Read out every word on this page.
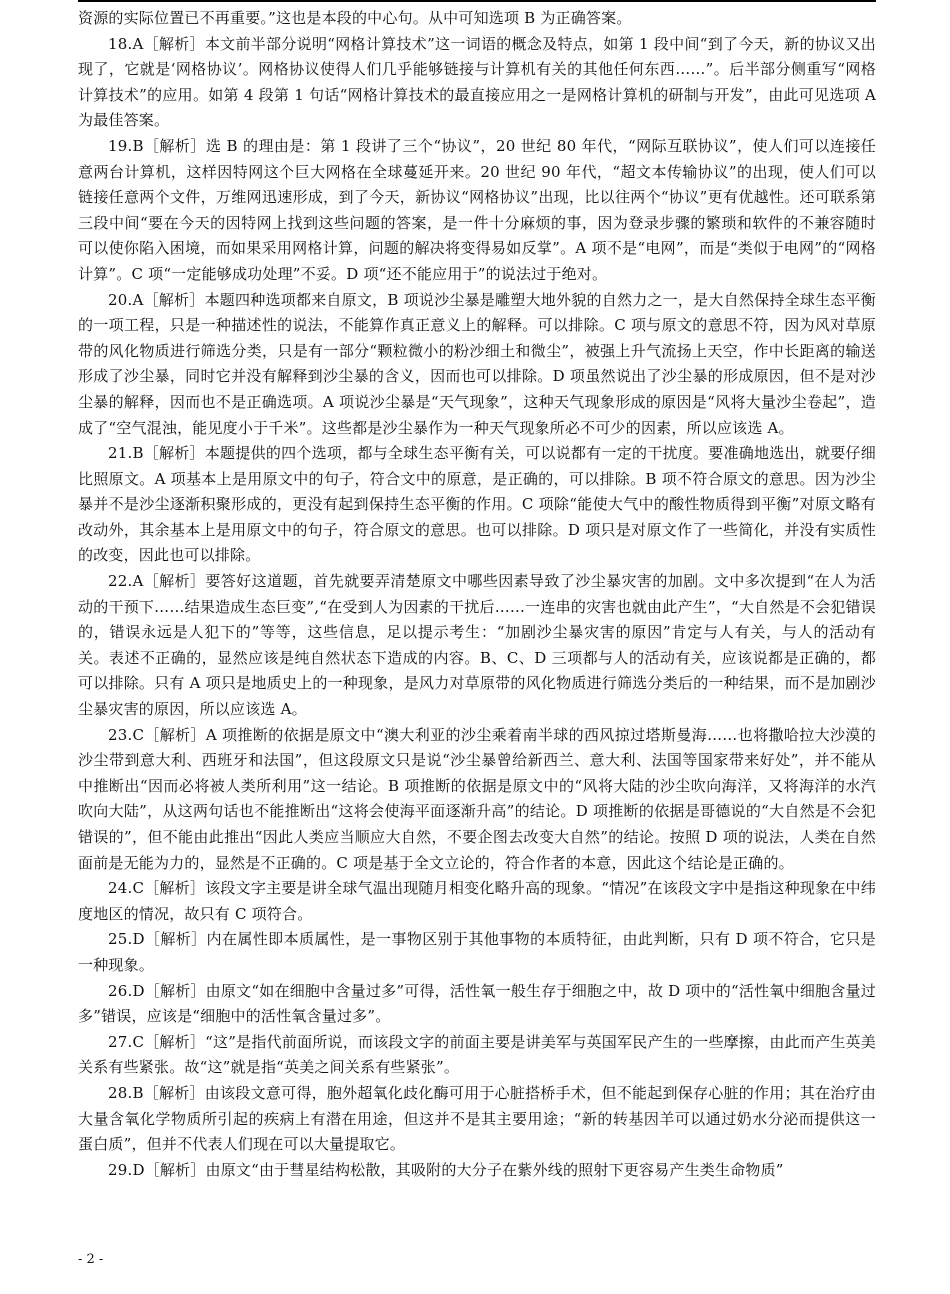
资源的实际位置已不再重要。”这也是本段的中心句。从中可知选项 B 为正确答案。

18.A［解析］本文前半部分说明“网格计算技术”这一词语的概念及特点，如第 1 段中间“到了今天，新的协议又出现了，它就是‘网格协议’。网格协议使得人们几乎能够链接与计算机有关的其他任何东西……”。后半部分侧重写“网格计算技术”的应用。如第 4 段第 1 句话“网格计算技术的最直接应用之一是网格计算机的研制与开发”，由此可见选项 A 为最佳答案。

19.B［解析］选 B 的理由是：第 1 段讲了三个“协议”，20 世纪 80 年代，“网际互联协议”，使人们可以连接任意两台计算机，这样因特网这个巨大网格在全球蔓延开来。20 世纪 90 年代，“超文本传输协议”的出现，使人们可以链接任意两个文件，万维网迅速形成，到了今天，新协议“网格协议”出现，比以往两个“协议”更有优越性。还可联系第三段中间“要在今天的因特网上找到这些问题的答案，是一件十分麻烦的事，因为登录步骤的繁琐和软件的不兼容随时可以使你陷入困境，而如果采用网格计算，问题的解决将变得易如反掌”。A 项不是“电网”，而是“类似于电网”的“网格计算”。C 项“一定能够成功处理”不妥。D 项“还不能应用于”的说法过于绝对。

20.A［解析］本题四种选项都来自原文，B 项说沙尘暴是雕塑大地外貌的自然力之一，是大自然保持全球生态平衡的一项工程，只是一种描述性的说法，不能算作真正意义上的解释。可以排除。C 项与原文的意思不符，因为风对草原带的风化物质进行筛选分类，只是有一部分“颗粒微小的粉沙细土和微尘”，被强上升气流扬上天空，作中长距离的输送形成了沙尘暴，同时它并没有解释到沙尘暴的含义，因而也可以排除。D 项虽然说出了沙尘暴的形成原因，但不是对沙尘暴的解释，因而也不是正确选项。A 项说沙尘暴是“天气现象”，这种天气现象形成的原因是“风将大量沙尘卷起”，造成了“空气混浊，能见度小于千米”。这些都是沙尘暴作为一种天气现象所必不可少的因素，所以应该选 A。

21.B［解析］本题提供的四个选项，都与全球生态平衡有关，可以说都有一定的干扰度。要准确地选出，就要仔细比照原文。A 项基本上是用原文中的句子，符合文中的原意，是正确的，可以排除。B 项不符合原文的意思。因为沙尘暴并不是沙尘逐渐积聚形成的，更没有起到保持生态平衡的作用。C 项除“能使大气中的酸性物质得到平衡”对原文略有改动外，其余基本上是用原文中的句子，符合原文的意思。也可以排除。D 项只是对原文作了一些简化，并没有实质性的改变，因此也可以排除。

22.A［解析］要答好这道题，首先就要弄清楚原文中哪些因素导致了沙尘暴灾害的加剧。文中多次提到“在人为活动的干预下……结果造成生态巨变”,“在受到人为因素的干扰后……一连串的灾害也就由此产生”，“大自然是不会犯错误的，错误永远是人犯下的”等等，这些信息，足以提示考生：“加剧沙尘暴灾害的原因”肯定与人有关，与人的活动有关。表述不正确的，显然应该是纯自然状态下造成的内容。B、C、D 三项都与人的活动有关，应该说都是正确的，都可以排除。只有 A 项只是地质史上的一种现象，是风力对草原带的风化物质进行筛选分类后的一种结果，而不是加剧沙尘暴灾害的原因，所以应该选 A。

23.C［解析］A 项推断的依据是原文中“澳大利亚的沙尘乘着南半球的西风掠过塔斯曼海……也将撒哈拉大沙漠的沙尘带到意大利、西班牙和法国”，但这段原文只是说“沙尘暴曾给新西兰、意大利、法国等国家带来好处”，并不能从中推断出“因而必将被人类所利用”这一结论。B 项推断的依据是原文中的“风将大陆的沙尘吹向海洋，又将海洋的水汽吹向大陆”，从这两句话也不能推断出“这将会使海平面逐渐升高”的结论。D 项推断的依据是哥德说的“大自然是不会犯错误的”，但不能由此推出“因此人类应当顺应大自然，不要企图去改变大自然”的结论。按照 D 项的说法，人类在自然面前是无能为力的，显然是不正确的。C 项是基于全文立论的，符合作者的本意，因此这个结论是正确的。

24.C［解析］该段文字主要是讲全球气温出现随月相变化略升高的现象。“情况”在该段文字中是指这种现象在中纬度地区的情况，故只有 C 项符合。

25.D［解析］内在属性即本质属性，是一事物区别于其他事物的本质特征，由此判断，只有 D 项不符合，它只是一种现象。

26.D［解析］由原文“如在细胞中含量过多”可得，活性氧一般生存于细胞之中，故 D 项中的“活性氧中细胞含量过多”错误，应该是“细胞中的活性氧含量过多”。

27.C［解析］“这”是指代前面所说，而该段文字的前面主要是讲美军与英国军民产生的一些摩擦，由此而产生英美关系有些紧张。故“这”就是指“英美之间关系有些紧张”。

28.B［解析］由该段文意可得，胞外超氧化歧化酶可用于心脏搭桥手术，但不能起到保存心脏的作用；其在治疗由大量含氧化学物质所引起的疾病上有潜在用途，但这并不是其主要用途；“新的转基因羊可以通过奶水分泌而提供这一蛋白质”，但并不代表人们现在可以大量提取它。

29.D［解析］由原文“由于彗星结构松散，其吸附的大分子在紫外线的照射下更容易产生类生命物质”

- 2 -
